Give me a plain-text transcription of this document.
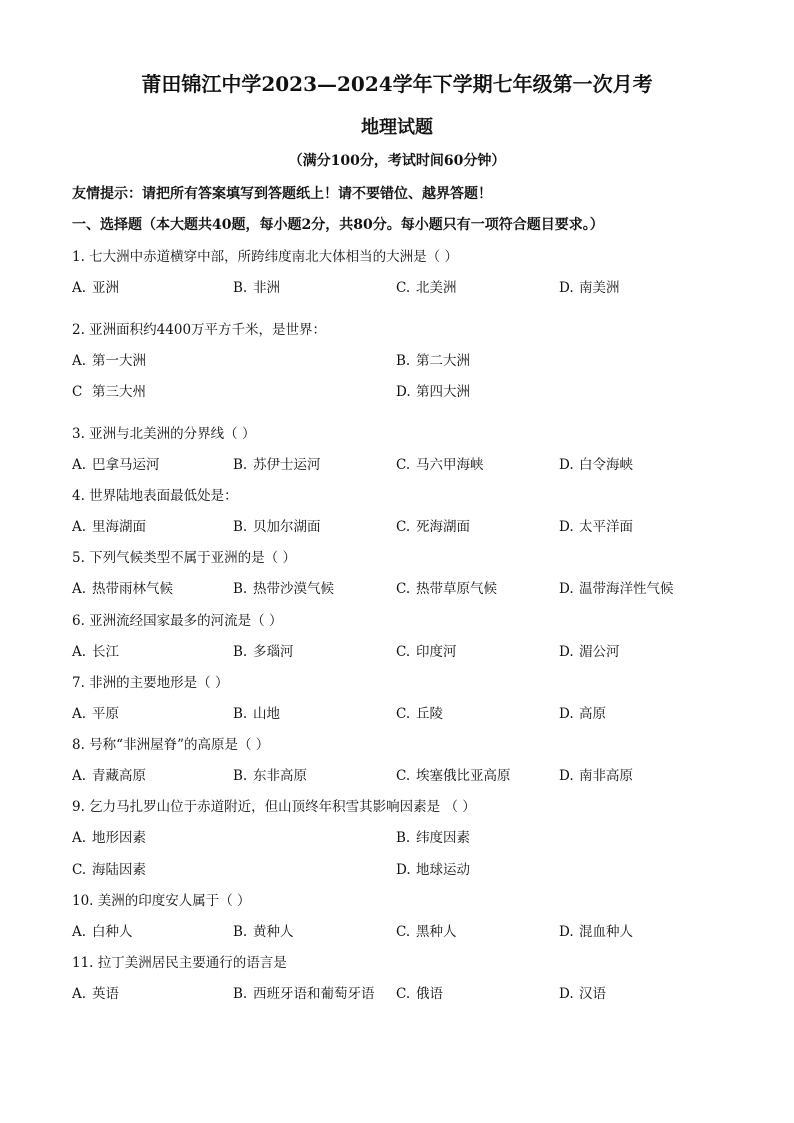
莆田锦江中学2023—2024学年下学期七年级第一次月考
地理试题
（满分100分，考试时间60分钟）
友情提示：请把所有答案填写到答题纸上！请不要错位、越界答题！
一、选择题（本大题共40题，每小题2分，共80分。每小题只有一项符合题目要求。）
1. 七大洲中赤道横穿中部，所跨纬度南北大体相当的大洲是（ ）
A. 亚洲	B. 非洲	C. 北美洲	D. 南美洲
2. 亚洲面积约4400万平方千米，是世界：
A. 第一大洲	B. 第二大洲
C 第三大州	D. 第四大洲
3. 亚洲与北美洲的分界线（ ）
A. 巴拿马运河	B. 苏伊士运河	C. 马六甲海峡	D. 白令海峡
4. 世界陆地表面最低处是：
A. 里海湖面	B. 贝加尔湖面	C. 死海湖面	D. 太平洋面
5. 下列气候类型不属于亚洲的是（ ）
A. 热带雨林气候	B. 热带沙漠气候	C. 热带草原气候	D. 温带海洋性气候
6. 亚洲流经国家最多的河流是（ ）
A. 长江	B. 多瑙河	C. 印度河	D. 湄公河
7. 非洲的主要地形是（ ）
A. 平原	B. 山地	C. 丘陵	D. 高原
8. 号称“非洲屋脊”的高原是（ ）
A. 青藏高原	B. 东非高原	C. 埃塞俄比亚高原	D. 南非高原
9. 乞力马扎罗山位于赤道附近，但山顶终年积雪其影响因素是 （ ）
A. 地形因素	B. 纬度因素
C. 海陆因素	D. 地球运动
10. 美洲的印度安人属于（ ）
A. 白种人	B. 黄种人	C. 黑种人	D. 混血种人
11. 拉丁美洲居民主要通行的语言是
A. 英语	B. 西班牙语和葡萄牙语 C. 俄语	D. 汉语
